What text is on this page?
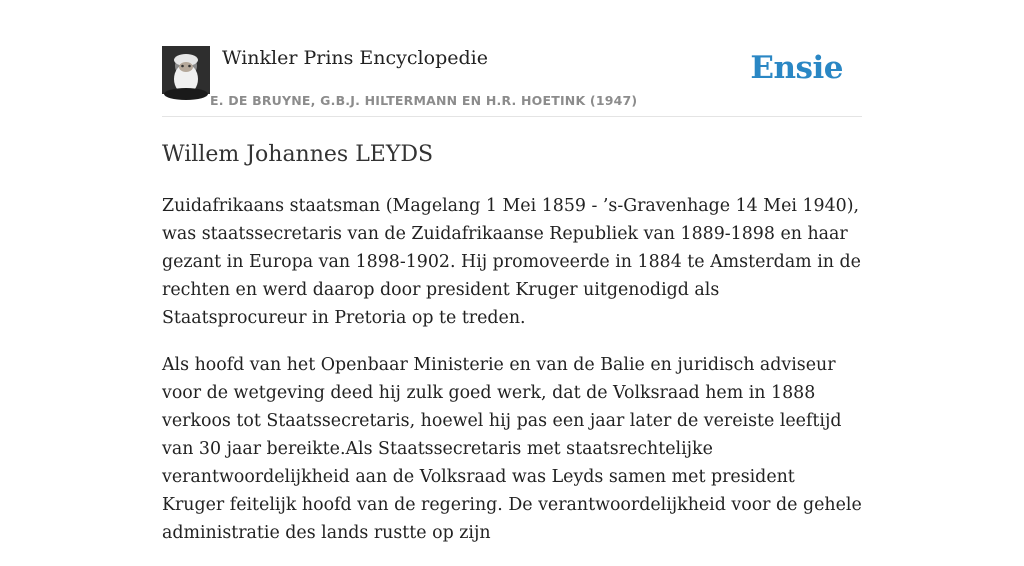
Winkler Prins Encyclopedie
E. DE BRUYNE, G.B.J. HILTERMANN EN H.R. HOETINK (1947)
Ensie
Willem Johannes LEYDS

Zuidafrikaans staatsman (Magelang 1 Mei 1859 - ’s-Gravenhage 14 Mei 1940), was staatssecretaris van de Zuidafrikaanse Republiek van 1889-1898 en haar gezant in Europa van 1898-1902. Hij promoveerde in 1884 te Amsterdam in de rechten en werd daarop door president Kruger uitgenodigd als Staatsprocureur in Pretoria op te treden.

Als hoofd van het Openbaar Ministerie en van de Balie en juridisch adviseur voor de wetgeving deed hij zulk goed werk, dat de Volksraad hem in 1888 verkoos tot Staatssecretaris, hoewel hij pas een jaar later de vereiste leeftijd van 30 jaar bereikte.Als Staatssecretaris met staatsrechtelijke verantwoordelijkheid aan de Volksraad was Leyds samen met president Kruger feitelijk hoofd van de regering. De verantwoordelijkheid voor de gehele administratie des lands rustte op zijn
